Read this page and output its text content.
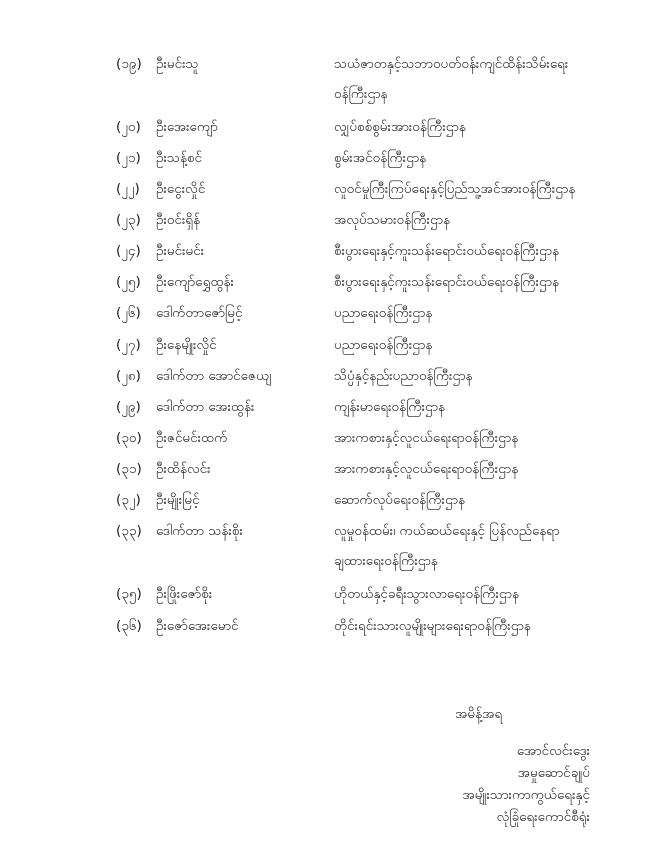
(၁၉) ဦးမင်းသူ	သယံဇာတနှင့်သဘာဝပတ်ဝန်းကျင်ထိန်းသိမ်းရေး
ဝန်ကြီးဌာန
(၂၀) ဦးအေးကျော်	လျှပ်စစ်စွမ်းအားဝန်ကြီးဌာန
(၂၁) ဦးသန့်စင်	စွမ်းအင်ဝန်ကြီးဌာန
(၂၂) ဦးငွေးလှိုင်	လူဝင်မှုကြီးကြပ်ရေးနှင့်ပြည်သူ့အင်အားဝန်ကြီးဌာန
(၂၃) ဦးဝင်းရှိန်	အလုပ်သမားဝန်ကြီးဌာန
(၂၄) ဦးမင်းမင်း	စီးပွားရေးနှင့်ကူးသန်းရောင်းဝယ်ရေးဝန်ကြီးဌာန
(၂၅) ဦးကျော်ရွှေထွန်း	စီးပွားရေးနှင့်ကူးသန်းရောင်းဝယ်ရေးဝန်ကြီးဌာန
(၂၆) ဒေါက်တာဇော်မြင့်	ပညာရေးဝန်ကြီးဌာန
(၂၇) ဦးနေမျိုးလှိုင်	ပညာရေးဝန်ကြီးဌာန
(၂၈) ဒေါက်တာ အောင်ဇေယျ	သိပ္ပံနှင့်နည်းပညာဝန်ကြီးဌာန
(၂၉) ဒေါက်တာ အေးထွန်း	ကျန်းမာရေးဝန်ကြီးဌာန
(၃၀) ဦးဇင်မင်းထက်	အားကစားနှင့်လူငယ်ရေးရာဝန်ကြီးဌာန
(၃၁) ဦးထိန်လင်း	အားကစားနှင့်လူငယ်ရေးရာဝန်ကြီးဌာန
(၃၂) ဦးမျိုးမြင့်	ဆောက်လုပ်ရေးဝန်ကြီးဌာန
(၃၃) ဒေါက်တာ သန်းစိုး	လူမှုဝန်ထမ်း၊ ကယ်ဆယ်ရေးနှင့် ပြန်လည်နေရာ
ချထားရေးဝန်ကြီးဌာန
(၃၅) ဦးဖြိုးဇော်စိုး	ဟိုတယ်နှင့်ခရီးသွားလာရေးဝန်ကြီးဌာန
(၃၆) ဦးဇော်အေးမောင်	တိုင်းရင်းသားလူမျိုးများရေးရာဝန်ကြီးဌာန
အမိန့်အရ
အောင်လင်းဒွေး
အမှုဆောင်ချုပ်
အမျိုးသားကာကွယ်ရေးနှင့်
လုံခြုံရေးကောင်စီရုံး
